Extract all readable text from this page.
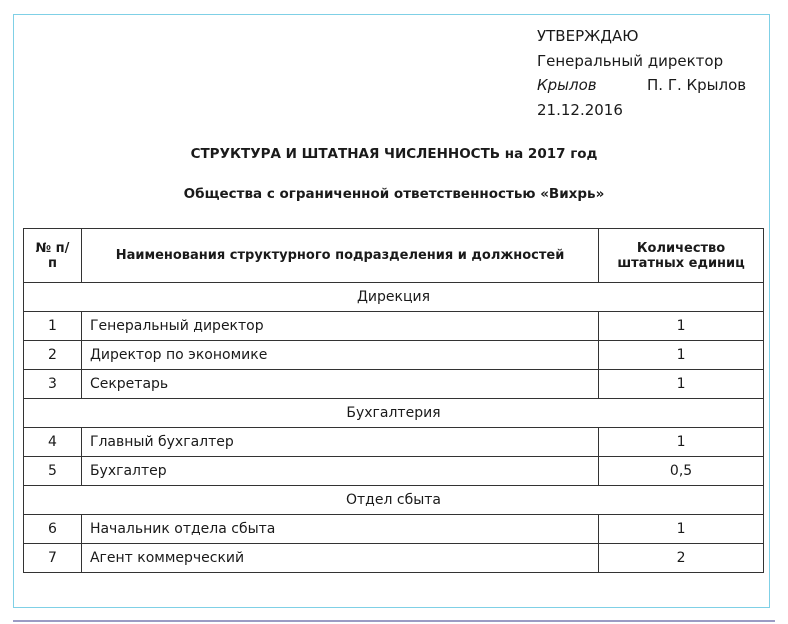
УТВЕРЖДАЮ
Генеральный директор
Крылов	П. Г. Крылов
21.12.2016
СТРУКТУРА И ШТАТНАЯ ЧИСЛЕННОСТЬ на 2017 год
Общества с ограниченной ответственностью «Вихрь»
№ п/п	Наименования структурного подразделения и должностей	Количество штатных единиц
Дирекция		
1	Генеральный директор	1
2	Директор по экономике	1
3	Секретарь	1
Бухгалтерия		
4	Главный бухгалтер	1
5	Бухгалтер	0,5
Отдел сбыта		
6	Начальник отдела сбыта	1
7	Агент коммерческий	2
